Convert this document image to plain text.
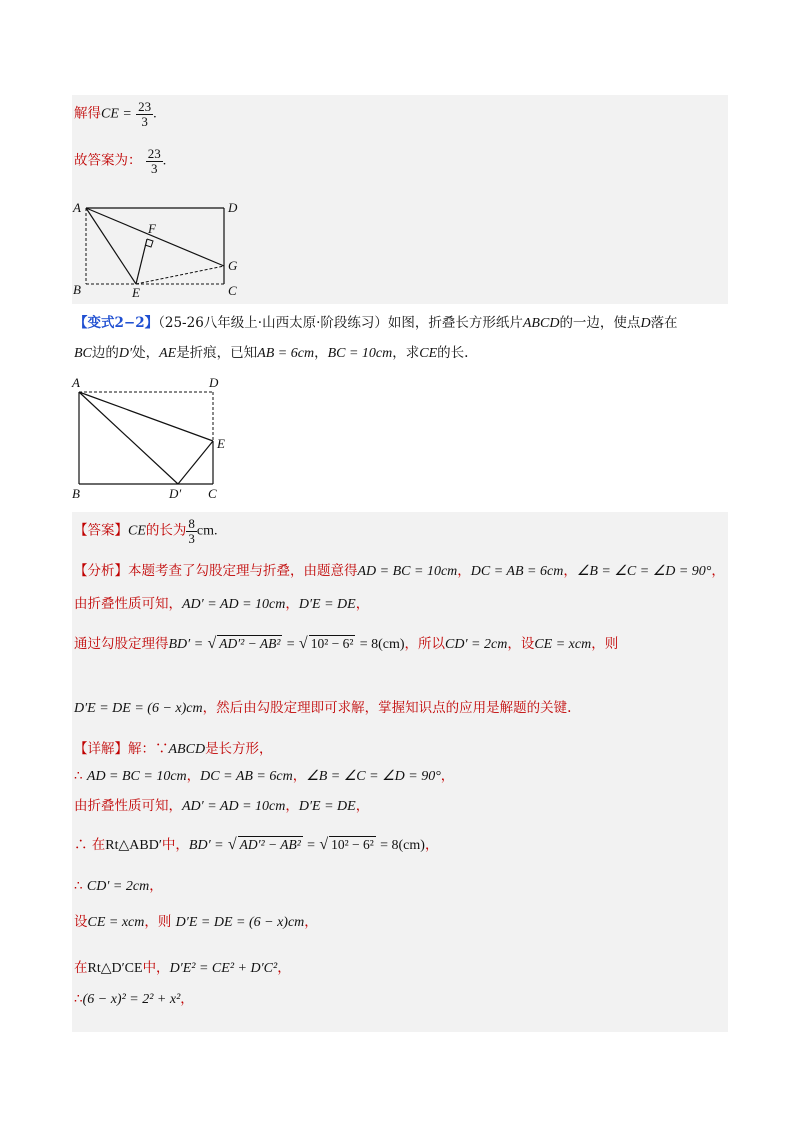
解得CE = $\frac{23}{3}$ .
故答案为： $\frac{23}{3}$ .
A	D
B	C
E
F
G
【变式2−2】（25-26八年级上·山西太原·阶段练习）如图，折叠长方形纸片ABCD的一边，使点D落在
BC边的D′处，AE是折痕，已知AB = 6cm，BC = 10cm，求CE的长.
A	D
B	D′ C
E
【答案】CE的长为 $\frac{8}{3}$ cm.
【分析】本题考查了勾股定理与折叠，由题意得AD = BC = 10cm，DC = AB = 6cm，∠B = ∠C = ∠D = 90°，
由折叠性质可知，AD′ = AD = 10cm，D′E = DE，
通过勾股定理得BD′ = √ AD′² − AB² = √ 10² − 6² = 8(cm)，所以CD′ = 2cm，设CE = xcm，则
D′E = DE = (6 − x)cm，然后由勾股定理即可求解，掌握知识点的应用是解题的关键.
【详解】解：∵ABCD是长方形，
∴ AD = BC = 10cm，DC = AB = 6cm，∠B = ∠C = ∠D = 90°，
由折叠性质可知，AD′ = AD = 10cm，D′E = DE，
∴ 在Rt△ABD′中，BD′ = √ AD′² − AB² = √ 10² − 6² = 8(cm)，
∴ CD′ = 2cm，
设CE = xcm，则 D′E = DE = (6 − x)cm，
在Rt△D′CE中，D′E² = CE² + D′C²，
∴(6 − x)² = 2² + x²，
